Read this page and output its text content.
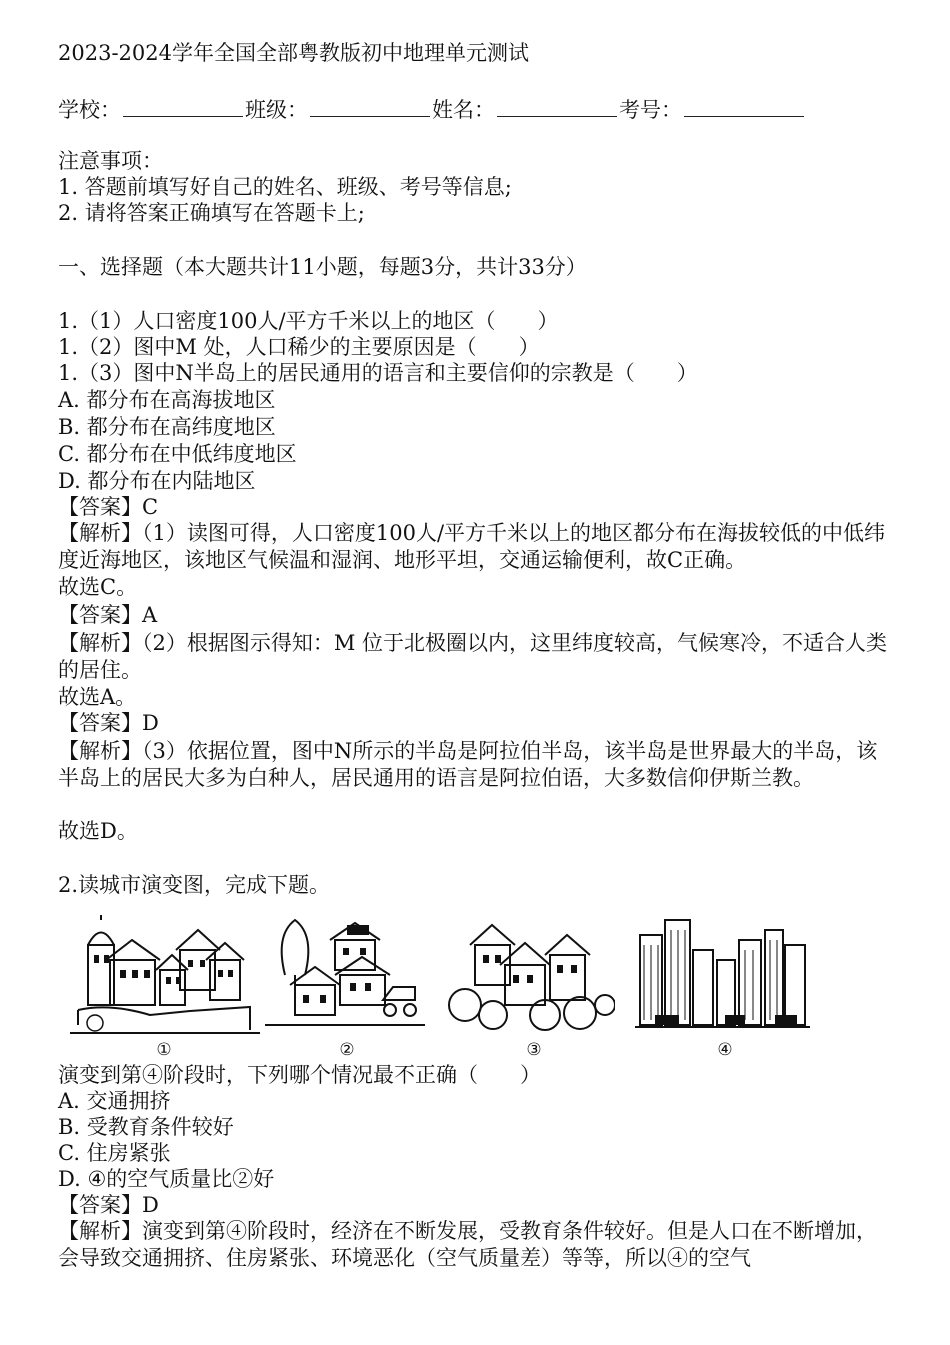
2023-2024学年全国全部粤教版初中地理单元测试
学校：	班级：	姓名：	考号：
注意事项：
1. 答题前填写好自己的姓名、班级、考号等信息;
2. 请将答案正确填写在答题卡上;
一、选择题（本大题共计11小题，每题3分，共计33分）
1.（1）人口密度100人/平方千米以上的地区（　　）
1.（2）图中M 处，人口稀少的主要原因是（　　）
1.（3）图中N半岛上的居民通用的语言和主要信仰的宗教是（　　）
A. 都分布在高海拔地区
B. 都分布在高纬度地区
C. 都分布在中低纬度地区
D. 都分布在内陆地区
【答案】C
【解析】（1）读图可得，人口密度100人/平方千米以上的地区都分布在海拔较低的中低纬度近海地区，该地区气候温和湿润、地形平坦，交通运输便利，故C正确。
故选C。
【答案】A
【解析】（2）根据图示得知：M 位于北极圈以内，这里纬度较高，气候寒冷，不适合人类的居住。
故选A。
【答案】D
【解析】（3）依据位置，图中N所示的半岛是阿拉伯半岛，该半岛是世界最大的半岛，该半岛上的居民大多为白种人，居民通用的语言是阿拉伯语，大多数信仰伊斯兰教。
故选D。
2.读城市演变图，完成下题。
①	②	③	④
演变到第④阶段时，下列哪个情况最不正确（　　）
A. 交通拥挤
B. 受教育条件较好
C. 住房紧张
D. ④的空气质量比②好
【答案】D
【解析】演变到第④阶段时，经济在不断发展，受教育条件较好。但是人口在不断增加，会导致交通拥挤、住房紧张、环境恶化（空气质量差）等等，所以④的空气
